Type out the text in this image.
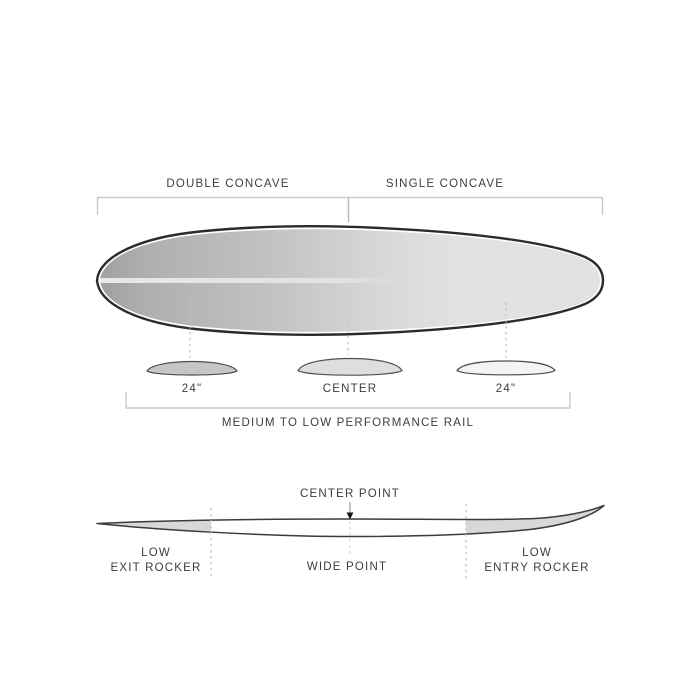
DOUBLE CONCAVE	SINGLE CONCAVE
24"	CENTER	24"
MEDIUM TO LOW PERFORMANCE RAIL
CENTER POINT
LOW
EXIT ROCKER	WIDE POINT
LOW
ENTRY ROCKER
